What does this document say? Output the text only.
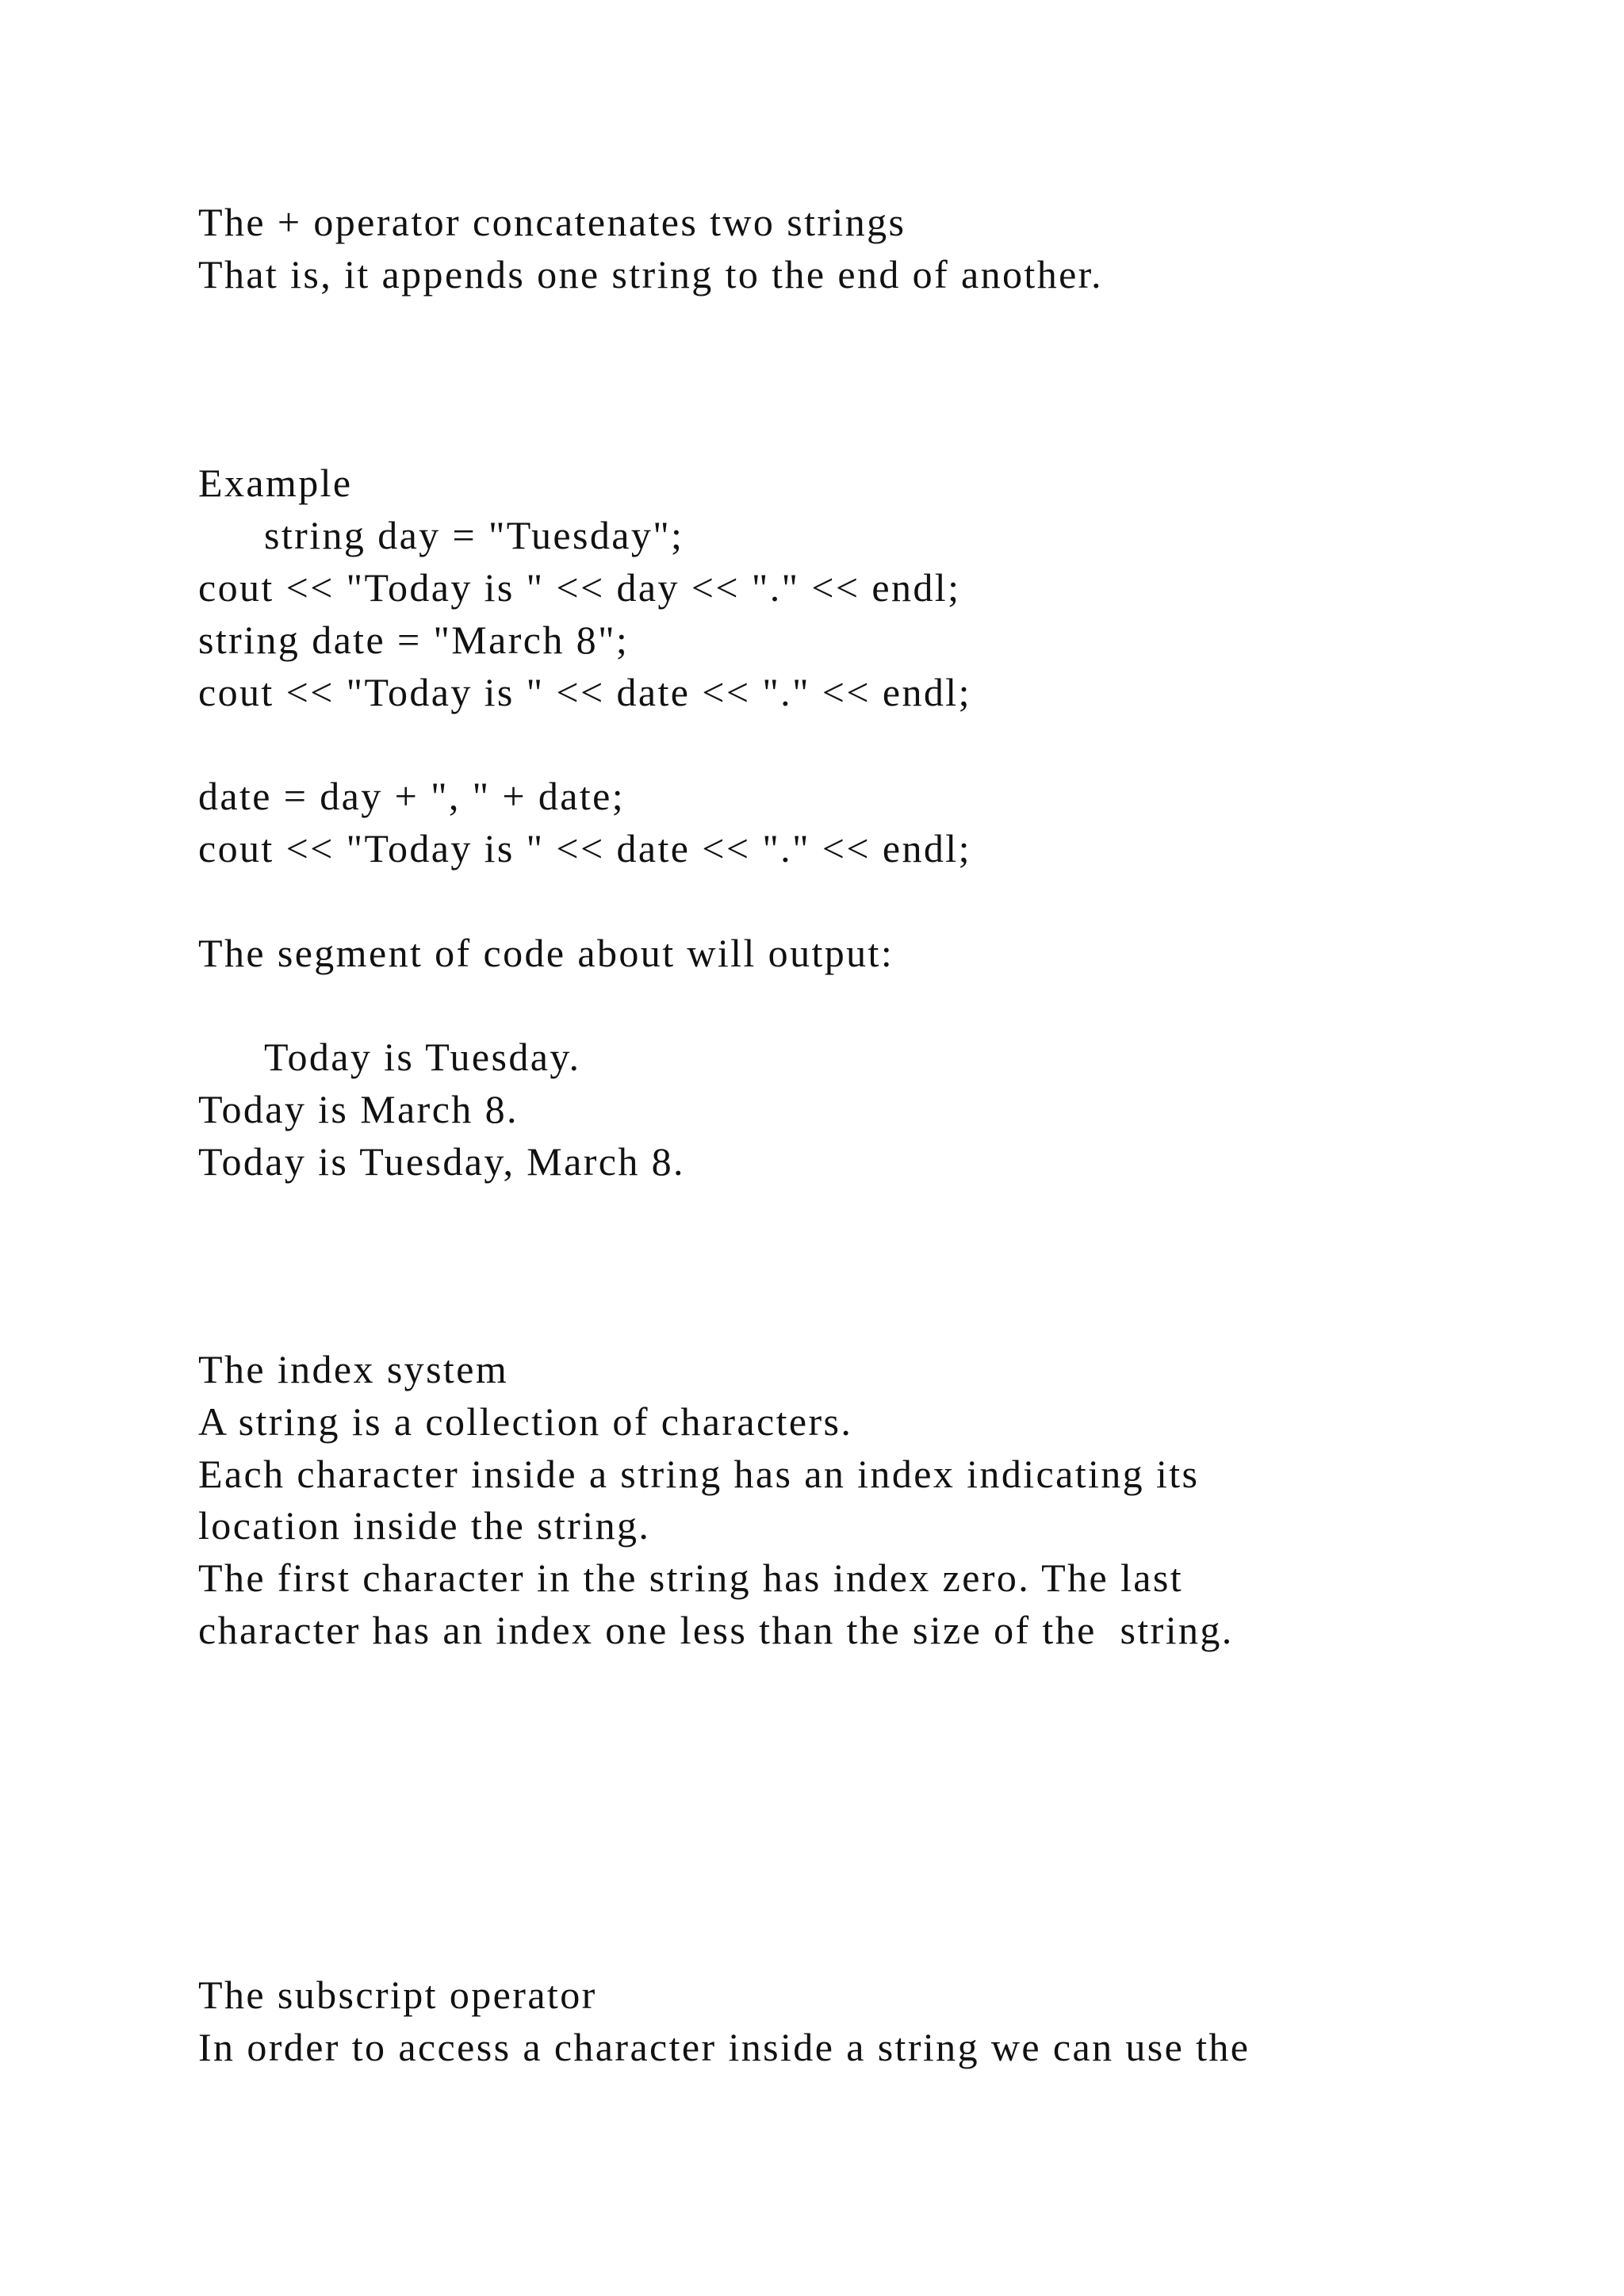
The + operator concatenates two strings

That is, it appends one string to the end of another.

Example

string day = "Tuesday";

cout << "Today is " << day << "." << endl;

string date = "March 8";

cout << "Today is " << date << "." << endl;

date = day + ", " + date;

cout << "Today is " << date << "." << endl;

The segment of code about will output:

Today is Tuesday.

Today is March 8.

Today is Tuesday, March 8.

The index system

A string is a collection of characters.

Each character inside a string has an index indicating its

location inside the string.

The first character in the string has index zero. The last

character has an index one less than the size of the  string.

The subscript operator

In order to access a character inside a string we can use the
